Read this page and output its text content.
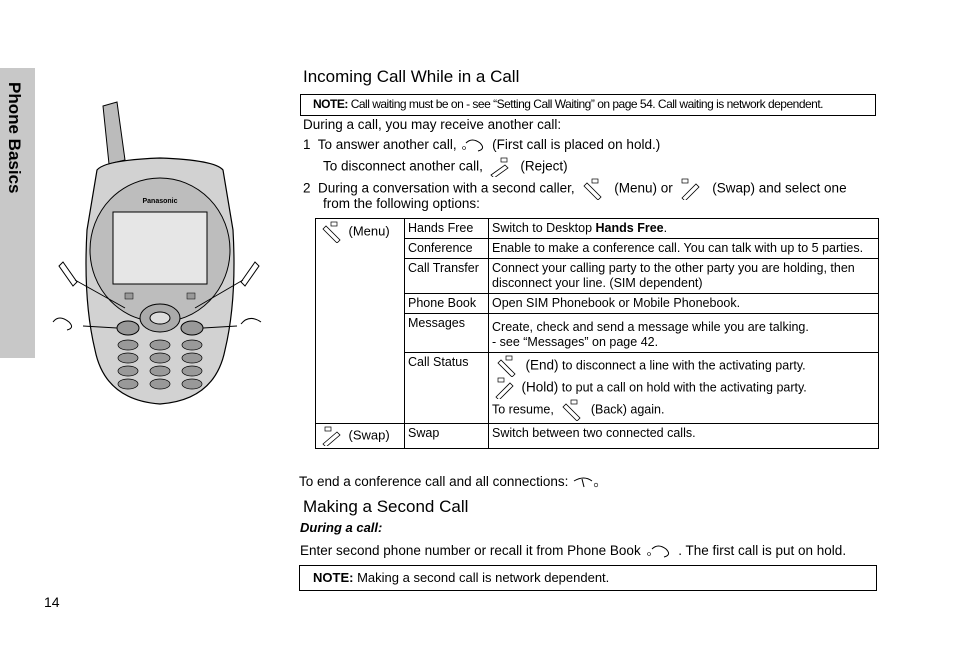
Phone Basics
Panasonic
Incoming Call While in a Call
NOTE: Call waiting must be on - see “Setting Call Waiting” on page 54. Call waiting is network dependent.
During a call, you may receive another call:
1 To answer another call,	(First call is placed on hold.)
To disconnect another call,	(Reject)
2 During a conversation with a second caller,	(Menu) or	(Swap) and select one
from the following options:
(Menu)	Hands Free	Switch to Desktop Hands Free.
	Conference	Enable to make a conference call. You can talk with up to 5 parties.
	Call Transfer	Connect your calling party to the other party you are holding, then disconnect your line. (SIM dependent)
	Phone Book	Open SIM Phonebook or Mobile Phonebook.
	Messages	Create, check and send a message while you are talking.
- see “Messages” on page 42.

	Call Status	(End) to disconnect a line with the activating party.
(Hold) to put a call on hold with the activating party.
To resume, (Back) again.

(Swap)	Swap	Switch between two connected calls.
To end a conference call and all connections:
Making a Second Call
During a call:
Enter second phone number or recall it from Phone Book	. The first call is put on hold.
NOTE: Making a second call is network dependent.
14
